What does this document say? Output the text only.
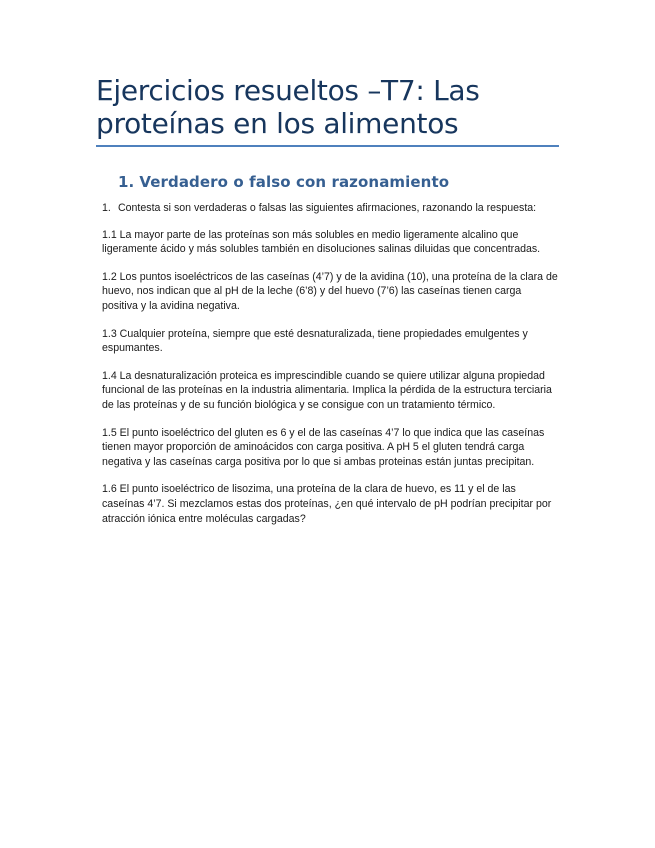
Ejercicios resueltos –T7: Las proteínas en los alimentos
1. Verdadero o falso con razonamiento
1. Contesta si son verdaderas o falsas las siguientes afirmaciones, razonando la respuesta:

1.1 La mayor parte de las proteínas son más solubles en medio ligeramente alcalino que ligeramente ácido y más solubles también en disoluciones salinas diluidas que concentradas.

1.2 Los puntos isoeléctricos de las caseínas (4’7) y de la avidina (10), una proteína de la clara de huevo, nos indican que al pH de la leche (6’8) y del huevo (7’6) las caseínas tienen carga positiva y la avidina negativa.

1.3 Cualquier proteína, siempre que esté desnaturalizada, tiene propiedades emulgentes y espumantes.

1.4 La desnaturalización proteica es imprescindible cuando se quiere utilizar alguna propiedad funcional de las proteínas en la industria alimentaria. Implica la pérdida de la estructura terciaria de las proteínas y de su función biológica y se consigue con un tratamiento térmico.

1.5 El punto isoeléctrico del gluten es 6 y el de las caseínas 4’7 lo que indica que las caseínas tienen mayor proporción de aminoácidos con carga positiva. A pH 5 el gluten tendrá carga negativa y las caseínas carga positiva por lo que si ambas proteinas están juntas precipitan.

1.6 El punto isoeléctrico de lisozima, una proteína de la clara de huevo, es 11 y el de las caseínas 4’7. Si mezclamos estas dos proteínas, ¿en qué intervalo de pH podrían precipitar por atracción iónica entre moléculas cargadas?
